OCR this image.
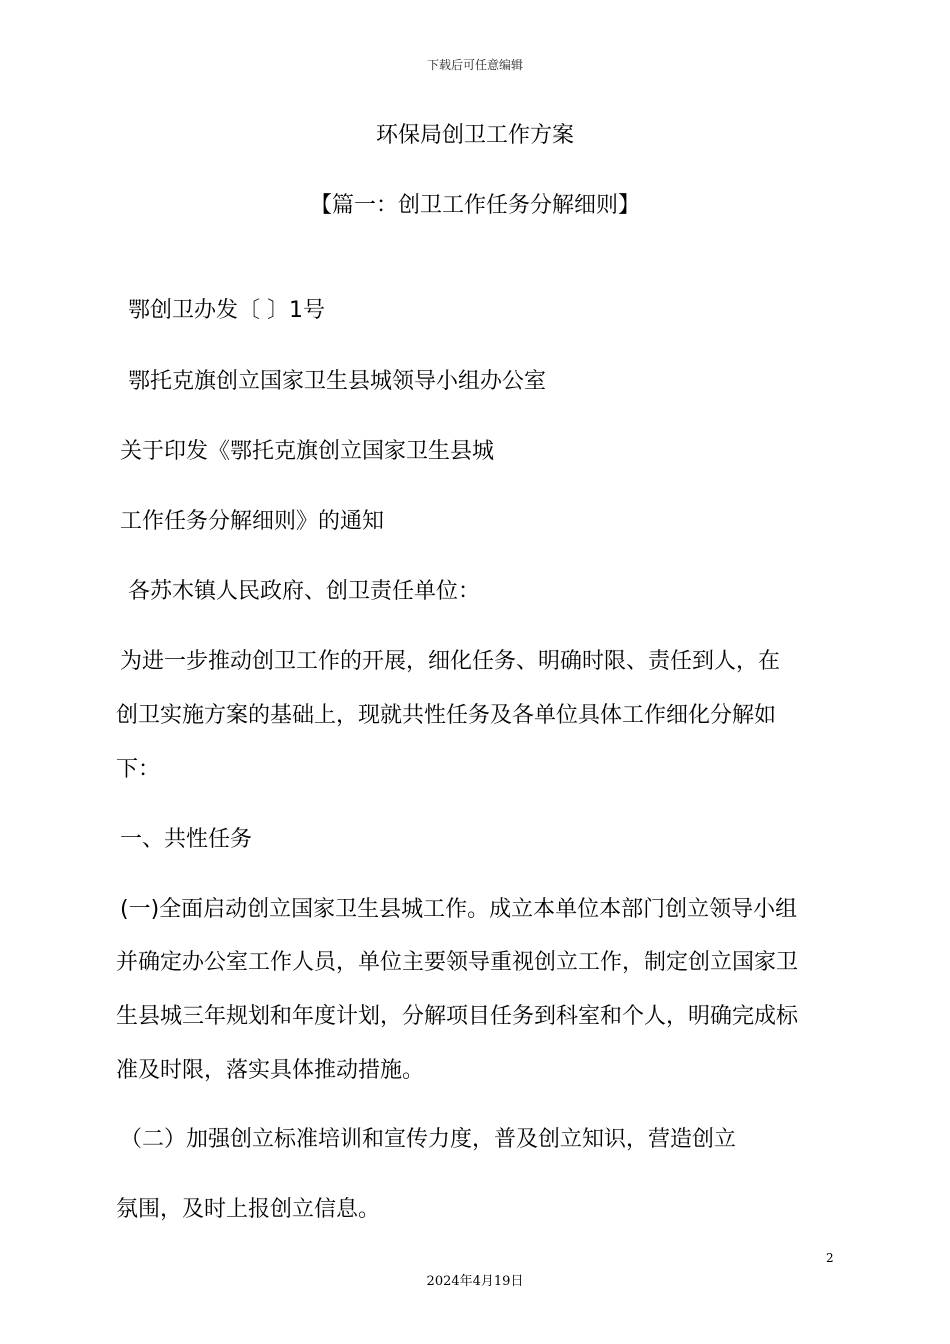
下载后可任意编辑
环保局创卫工作方案
【篇一：创卫工作任务分解细则】
鄂创卫办发〔 〕1号
鄂托克旗创立国家卫生县城领导小组办公室
关于印发《鄂托克旗创立国家卫生县城
工作任务分解细则》的通知
各苏木镇人民政府、创卫责任单位：
为进一步推动创卫工作的开展，细化任务、明确时限、责任到人，在
创卫实施方案的基础上，现就共性任务及各单位具体工作细化分解如
下：
一、共性任务
(一)全面启动创立国家卫生县城工作。成立本单位本部门创立领导小组
并确定办公室工作人员，单位主要领导重视创立工作，制定创立国家卫
生县城三年规划和年度计划，分解项目任务到科室和个人，明确完成标
准及时限，落实具体推动措施。
（二）加强创立标准培训和宣传力度，普及创立知识，营造创立
氛围，及时上报创立信息。
2
2024年4月19日
